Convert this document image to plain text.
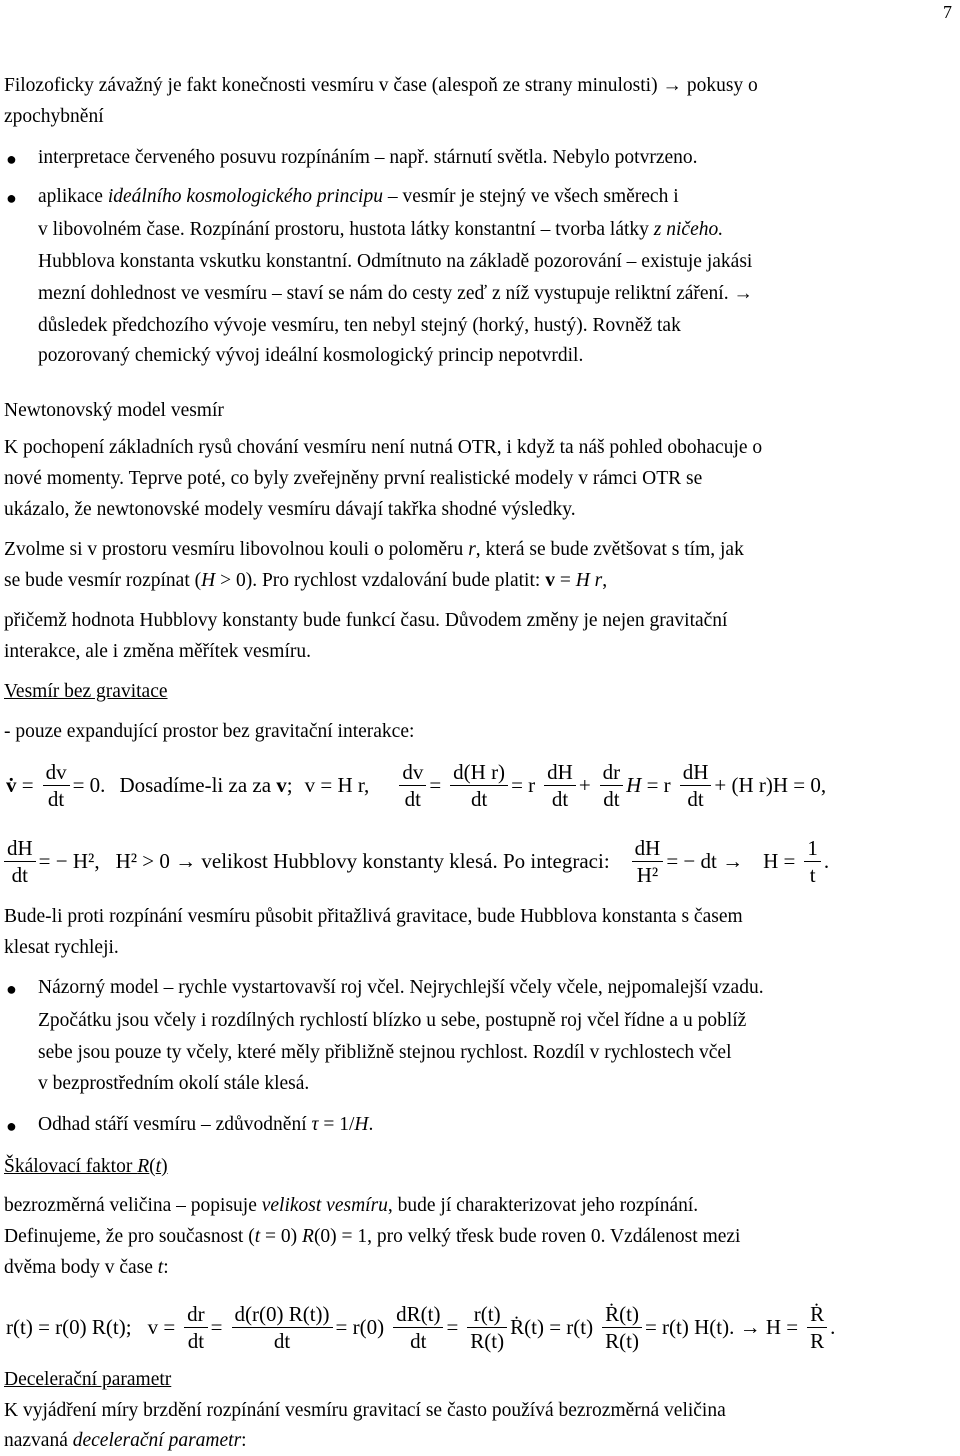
7
Filozoficky závažný je fakt konečnosti vesmíru v čase (alespoň ze strany minulosti) → pokusy o
zpochybnění
● interpretace červeného posuvu rozpínáním – např. stárnutí světla. Nebylo potvrzeno.
● aplikace ideálního kosmologického principu – vesmír je stejný ve všech směrech i
v libovolném čase. Rozpínání prostoru, hustota látky konstantní – tvorba látky z ničeho.
Hubblova konstanta vskutku konstantní. Odmítnuto na základě pozorování – existuje jakási
mezní dohlednost ve vesmíru – staví se nám do cesty zeď z níž vystupuje reliktní záření. →
důsledek předchozího vývoje vesmíru, ten nebyl stejný (horký, hustý). Rovněž tak
pozorovaný chemický vývoj ideální kosmologický princip nepotvrdil.
Newtonovský model vesmír
K pochopení základních rysů chování vesmíru není nutná OTR, i když ta náš pohled obohacuje o
nové momenty. Teprve poté, co byly zveřejněny první realistické modely v rámci OTR se
ukázalo, že newtonovské modely vesmíru dávají takřka shodné výsledky.
Zvolme si v prostoru vesmíru libovolnou kouli o poloměru r, která se bude zvětšovat s tím, jak
se bude vesmír rozpínat (H > 0). Pro rychlost vzdalování bude platit: v = H r,
přičemž hodnota Hubblovy konstanty bude funkcí času. Důvodem změny je nejen gravitační
interakce, ale i změna měřítek vesmíru.
Vesmír bez gravitace
- pouze expandující prostor bez gravitační interakce:
v̇ = $\frac{dv}{dt} = 0$. Dosadíme-li za za v; v = H r, $\frac{dv}{dt} = \frac{\text{d(H r)}}{dt} = r \frac{dH}{dt} + \frac{dr}{dt}$ H = r $\frac{dH}{dt} + (H$ r)H = 0,
$\frac{dH}{dt}$ = − H², H² > 0 → velikost Hubblovy konstanty klesá. Po integraci: $\frac{dH}{\text{H²}}$ = − dt → $H = \frac{1}{t}$ .
Bude-li proti rozpínání vesmíru působit přitažlivá gravitace, bude Hubblova konstanta s časem
klesat rychleji.
● Názorný model – rychle vystartovavší roj včel. Nejrychlejší včely včele, nejpomalejší vzadu.
Zpočátku jsou včely i rozdílných rychlostí blízko u sebe, postupně roj včel řídne a u poblíž
sebe jsou pouze ty včely, které měly přibližně stejnou rychlost. Rozdíl v rychlostech včel
v bezprostředním okolí stále klesá.
● Odhad stáří vesmíru – zdůvodnění τ = 1/H.
Škálovací faktor R(t)
bezrozměrná veličina – popisuje velikost vesmíru, bude jí charakterizovat jeho rozpínání.
Definujeme, že pro současnost (t = 0) R(0) = 1, pro velký třesk bude roven 0. Vzdálenost mezi
dvěma body v čase t:
r(t) = r(0) R(t); $v = \frac{dr}{dt} = \frac{d(r(0) R(t))}{dt} = r(0) \frac{dR(t)}{dt} = \frac{r(t)}{R(t)}$ Ṙ(t) = $r(t) \frac{\text{Ṙ(t)}}{R(t)} = r(t) H(t)$. → $H = \frac{\text{Ṙ}}{R}$ .
Decelerační parametr
K vyjádření míry brzdění rozpínání vesmíru gravitací se často používá bezrozměrná veličina
nazvaná decelerační parametr:
